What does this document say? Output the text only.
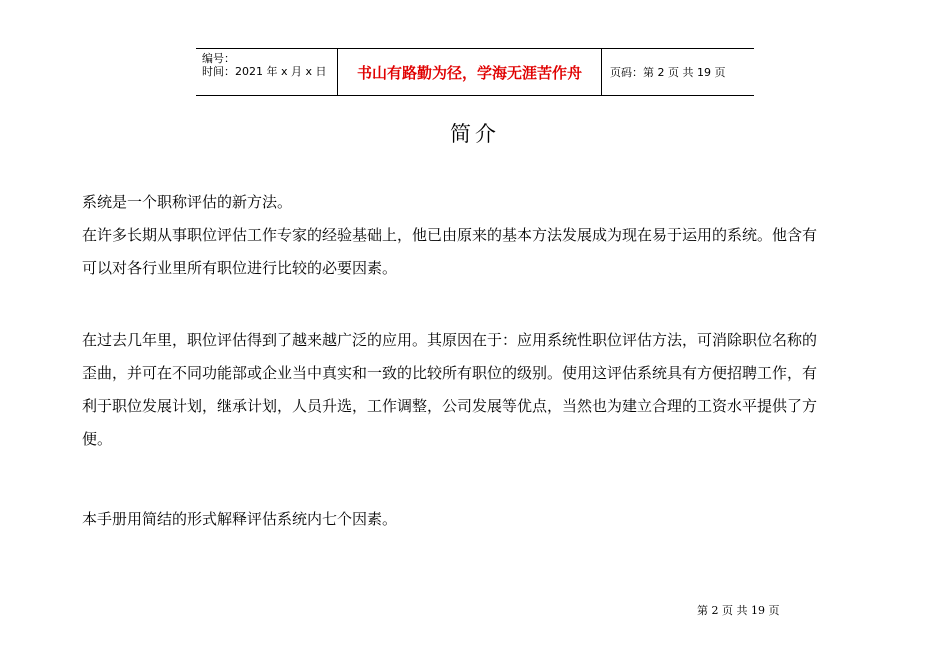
编号：
时间：2021 年 x 月 x 日	书山有路勤为径，学海无涯苦作舟	页码：第 2 页 共 19 页
简介
系统是一个职称评估的新方法。
在许多长期从事职位评估工作专家的经验基础上，他已由原来的基本方法发展成为现在易于运用的系统。他含有
可以对各行业里所有职位进行比较的必要因素。
在过去几年里，职位评估得到了越来越广泛的应用。其原因在于：应用系统性职位评估方法，可消除职位名称的
歪曲，并可在不同功能部或企业当中真实和一致的比较所有职位的级别。使用这评估系统具有方便招聘工作，有
利于职位发展计划，继承计划，人员升选，工作调整，公司发展等优点，当然也为建立合理的工资水平提供了方
便。
本手册用简结的形式解释评估系统内七个因素。
第 2 页 共 19 页
